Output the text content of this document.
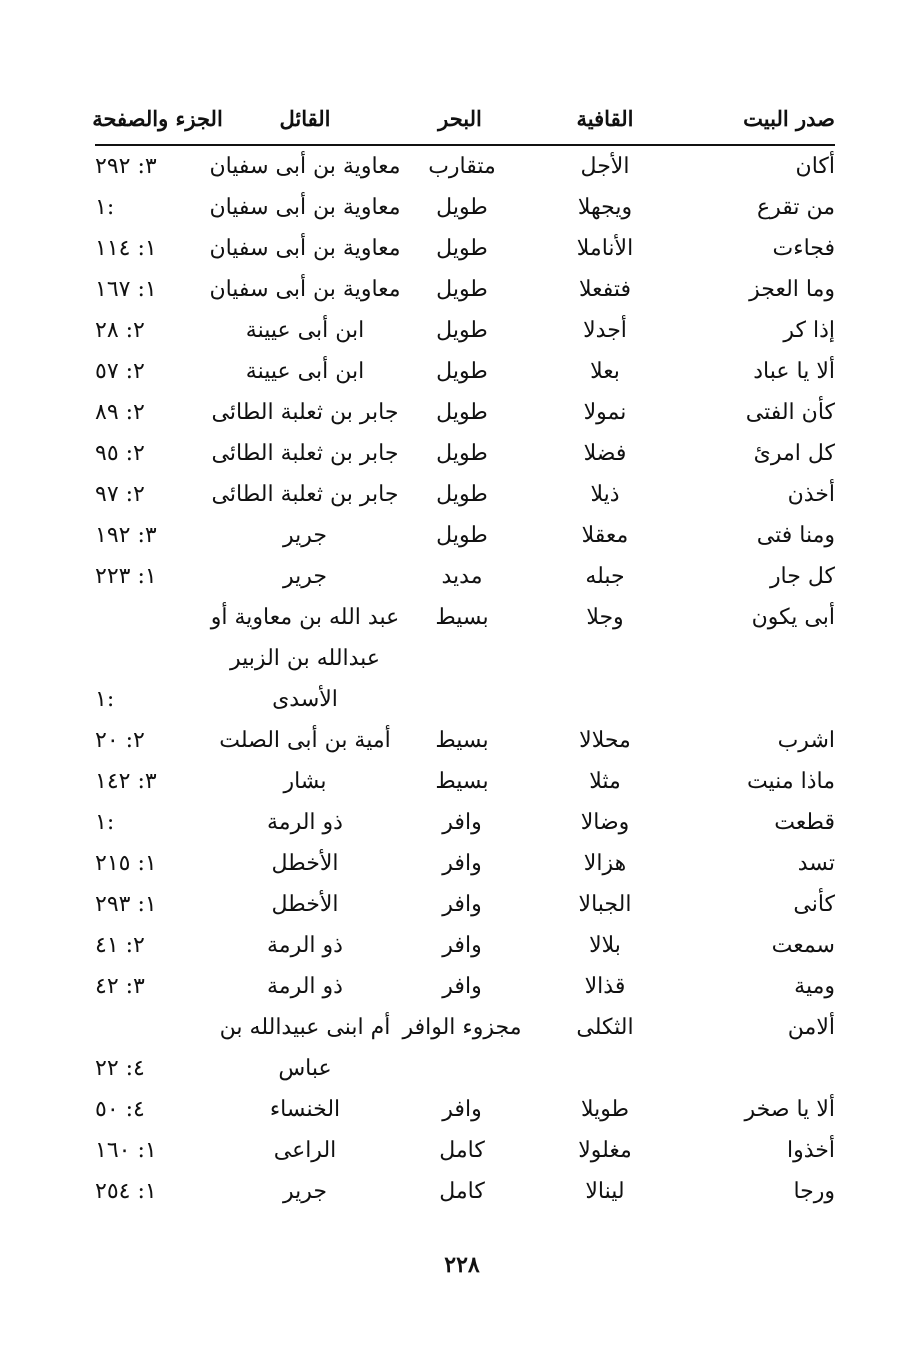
صدر البيت
القافية
البحر
القائل
الجزء والصفحة
أكان
الأجل
متقارب
معاوية بن أبى سفيان
٣: ٢٩٢
من تقرع
ويجهلا
طويل
معاوية بن أبى سفيان
١:
فجاءت
الأناملا
طويل
معاوية بن أبى سفيان
١: ١١٤
وما العجز
فتفعلا
طويل
معاوية بن أبى سفيان
١: ١٦٧
إذا كر
أجدلا
طويل
ابن أبى عيينة
٢: ٢٨
ألا يا عباد
بعلا
طويل
ابن أبى عيينة
٢: ٥٧
كأن الفتى
نمولا
طويل
جابر بن ثعلبة الطائى
٢: ٨٩
كل امرئ
فضلا
طويل
جابر بن ثعلبة الطائى
٢: ٩٥
أخذن
ذيلا
طويل
جابر بن ثعلبة الطائى
٢: ٩٧
ومنا فتى
معقلا
طويل
جرير
٣: ١٩٢
كل جار
جبله
مديد
جرير
١: ٢٢٣
أبى يكون
وجلا
بسيط
عبد الله بن معاوية أو
عبدالله بن الزبير
الأسدى
١:
اشرب
محلالا
بسيط
أمية بن أبى الصلت
٢: ٢٠
ماذا منيت
مثلا
بسيط
بشار
٣: ١٤٢
قطعت
وضالا
وافر
ذو الرمة
١:
تسد
هزالا
وافر
الأخطل
١: ٢١٥
كأنى
الجبالا
وافر
الأخطل
١: ٢٩٣
سمعت
بلالا
وافر
ذو الرمة
٢: ٤١
ومية
قذالا
وافر
ذو الرمة
٣: ٤٢
ألامن
الثكلى
مجزوء الوافر
أم ابنى عبيدالله بن
عباس
٤: ٢٢
ألا يا صخر
طويلا
وافر
الخنساء
٤: ٥٠
أخذوا
مغلولا
كامل
الراعى
١: ١٦٠
ورجا
لينالا
كامل
جرير
١: ٢٥٤
٢٢٨
